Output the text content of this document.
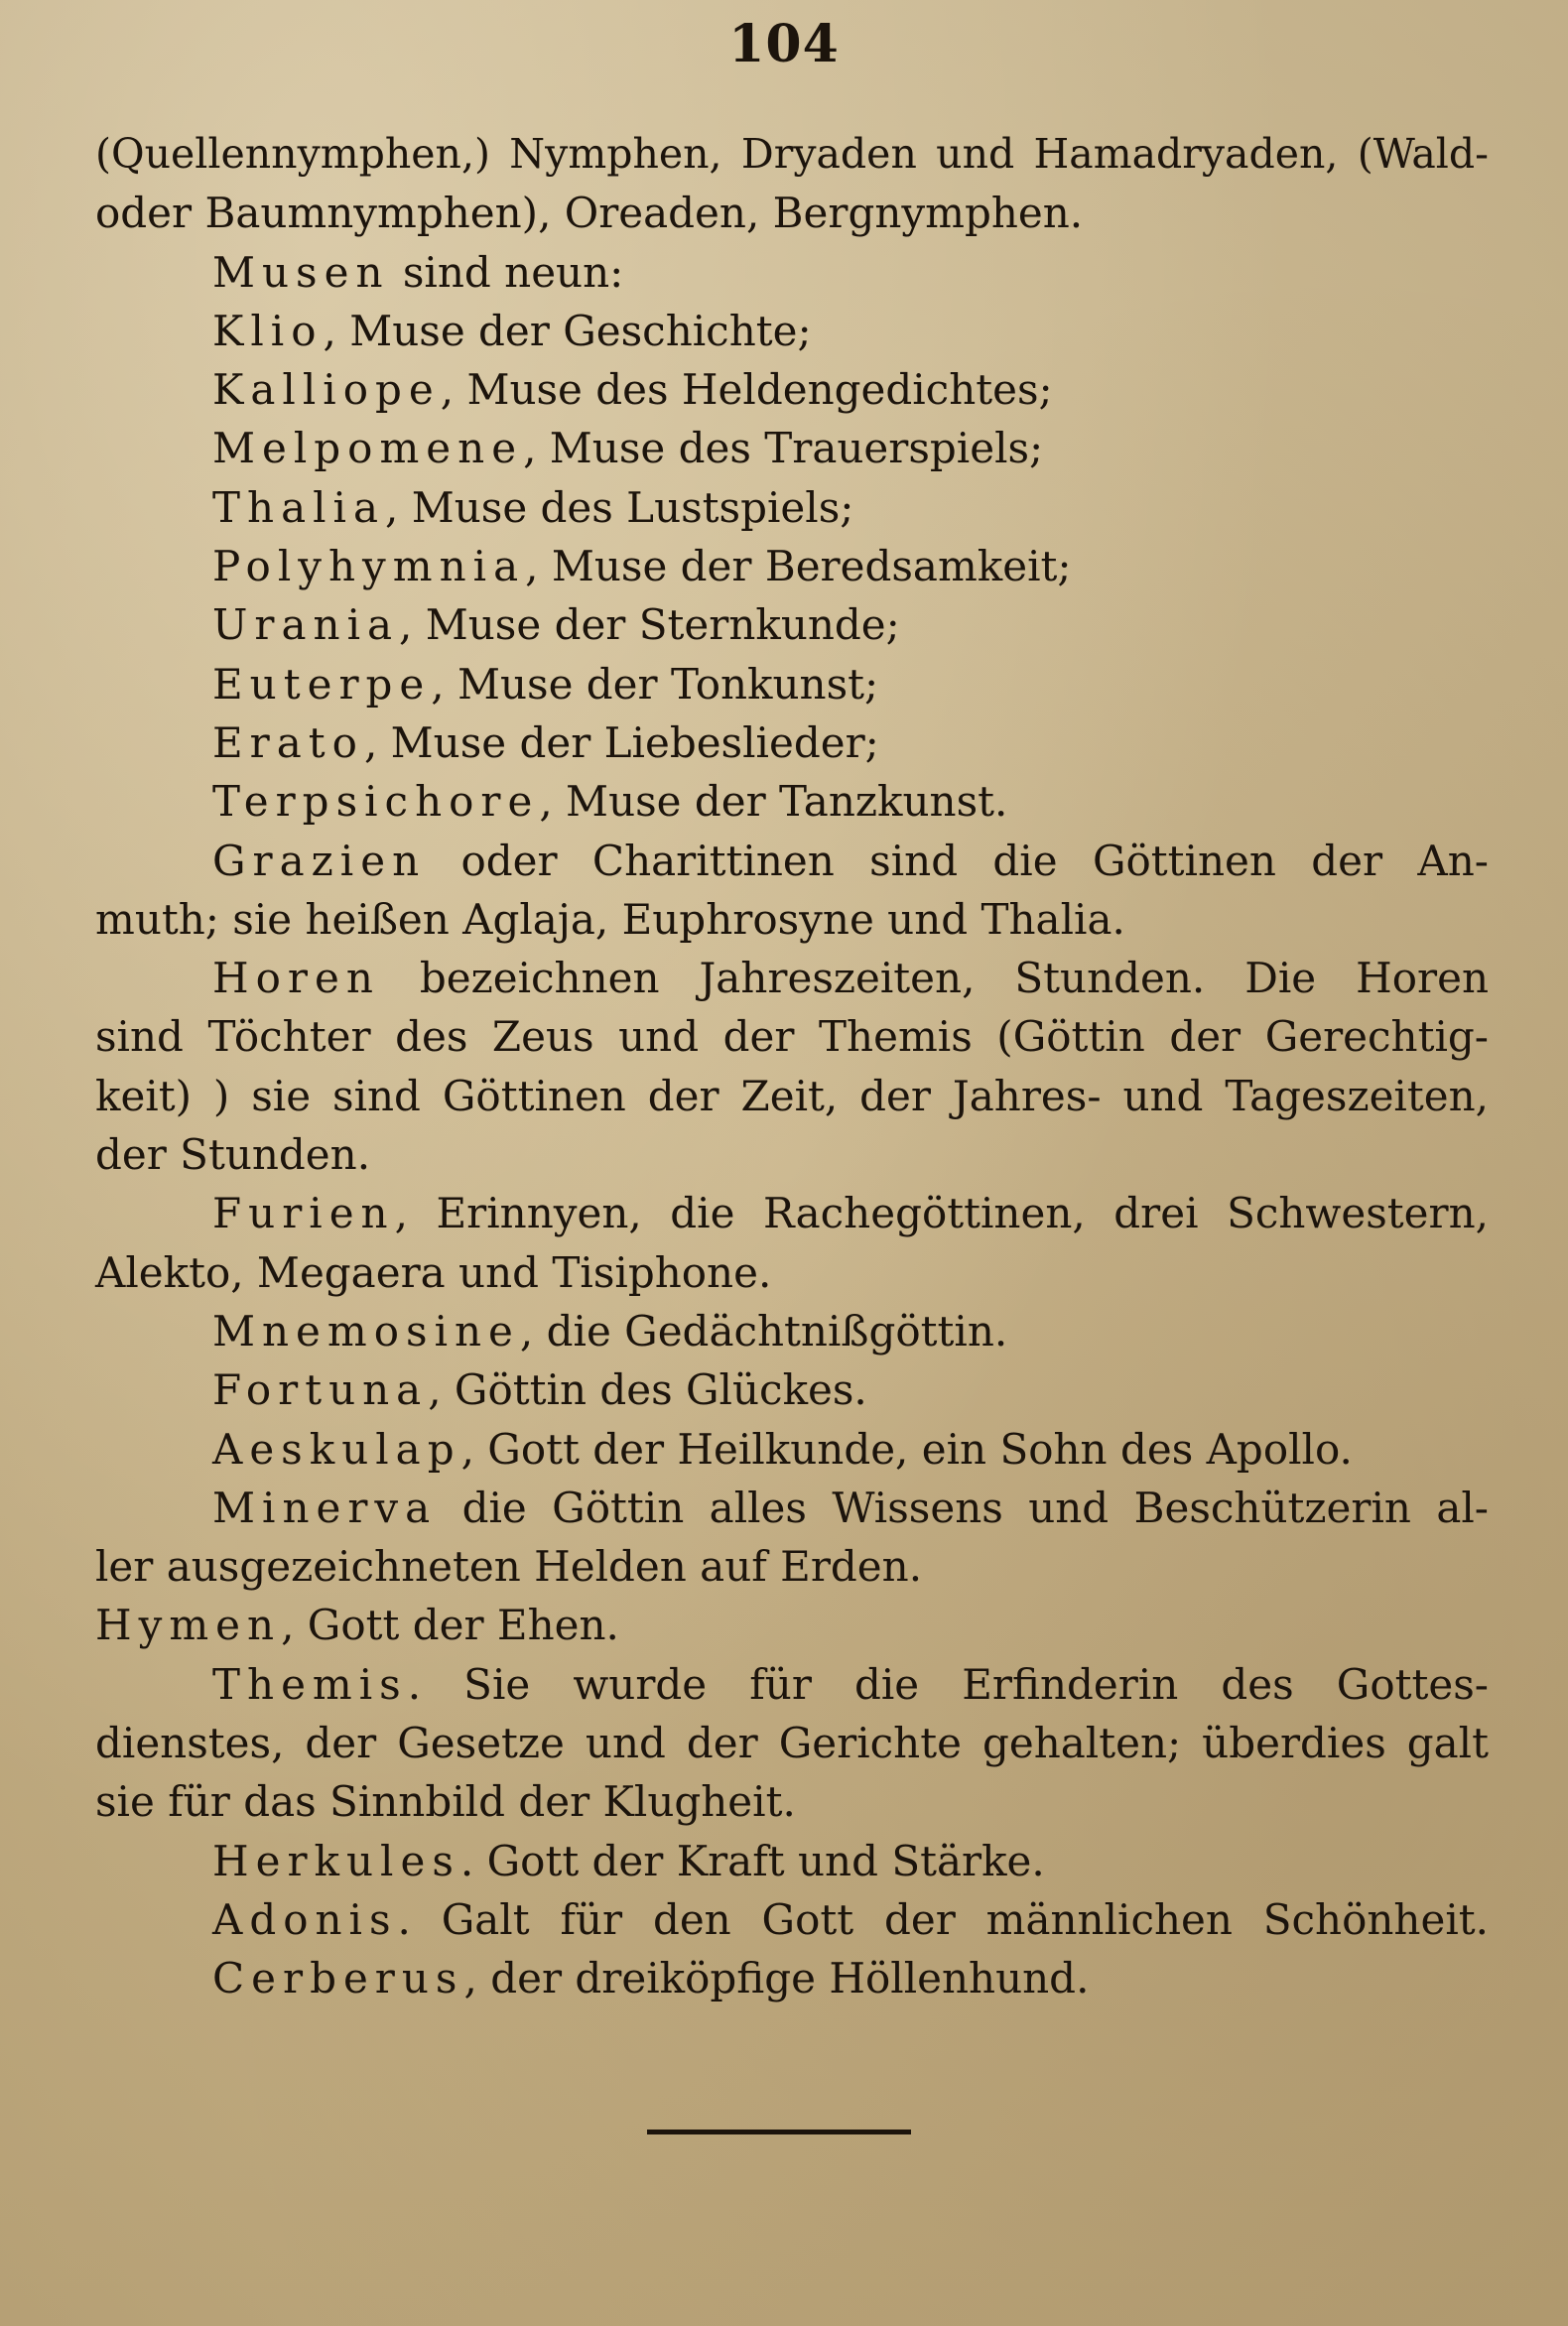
104
(Quellennymphen,) Nymphen, Dryaden und Hamadryaden, (Wald-
oder Baumnymphen), Oreaden, Bergnymphen.
Musen sind neun:
Klio, Muse der Geschichte;
Kalliope, Muse des Heldengedichtes;
Melpomene, Muse des Trauerspiels;
Thalia, Muse des Lustspiels;
Polyhymnia, Muse der Beredsamkeit;
Urania, Muse der Sternkunde;
Euterpe, Muse der Tonkunst;
Erato, Muse der Liebeslieder;
Terpsichore, Muse der Tanzkunst.
Grazien oder Charittinen sind die Göttinen der An-
muth; sie heißen Aglaja, Euphrosyne und Thalia.
Horen bezeichnen Jahreszeiten, Stunden. Die Horen
sind Töchter des Zeus und der Themis (Göttin der Gerechtig-
keit) ) sie sind Göttinen der Zeit, der Jahres- und Tageszeiten,
der Stunden.
Furien, Erinnyen, die Rachegöttinen, drei Schwestern,
Alekto, Megaera und Tisiphone.
Mnemosine, die Gedächtnißgöttin.
Fortuna, Göttin des Glückes.
Aeskulap, Gott der Heilkunde, ein Sohn des Apollo.
Minerva die Göttin alles Wissens und Beschützerin al-
ler ausgezeichneten Helden auf Erden.
Hymen, Gott der Ehen.
Themis. Sie wurde für die Erfinderin des Gottes-
dienstes, der Gesetze und der Gerichte gehalten; überdies galt
sie für das Sinnbild der Klugheit.
Herkules. Gott der Kraft und Stärke.
Adonis. Galt für den Gott der männlichen Schönheit.
Cerberus, der dreiköpfige Höllenhund.
